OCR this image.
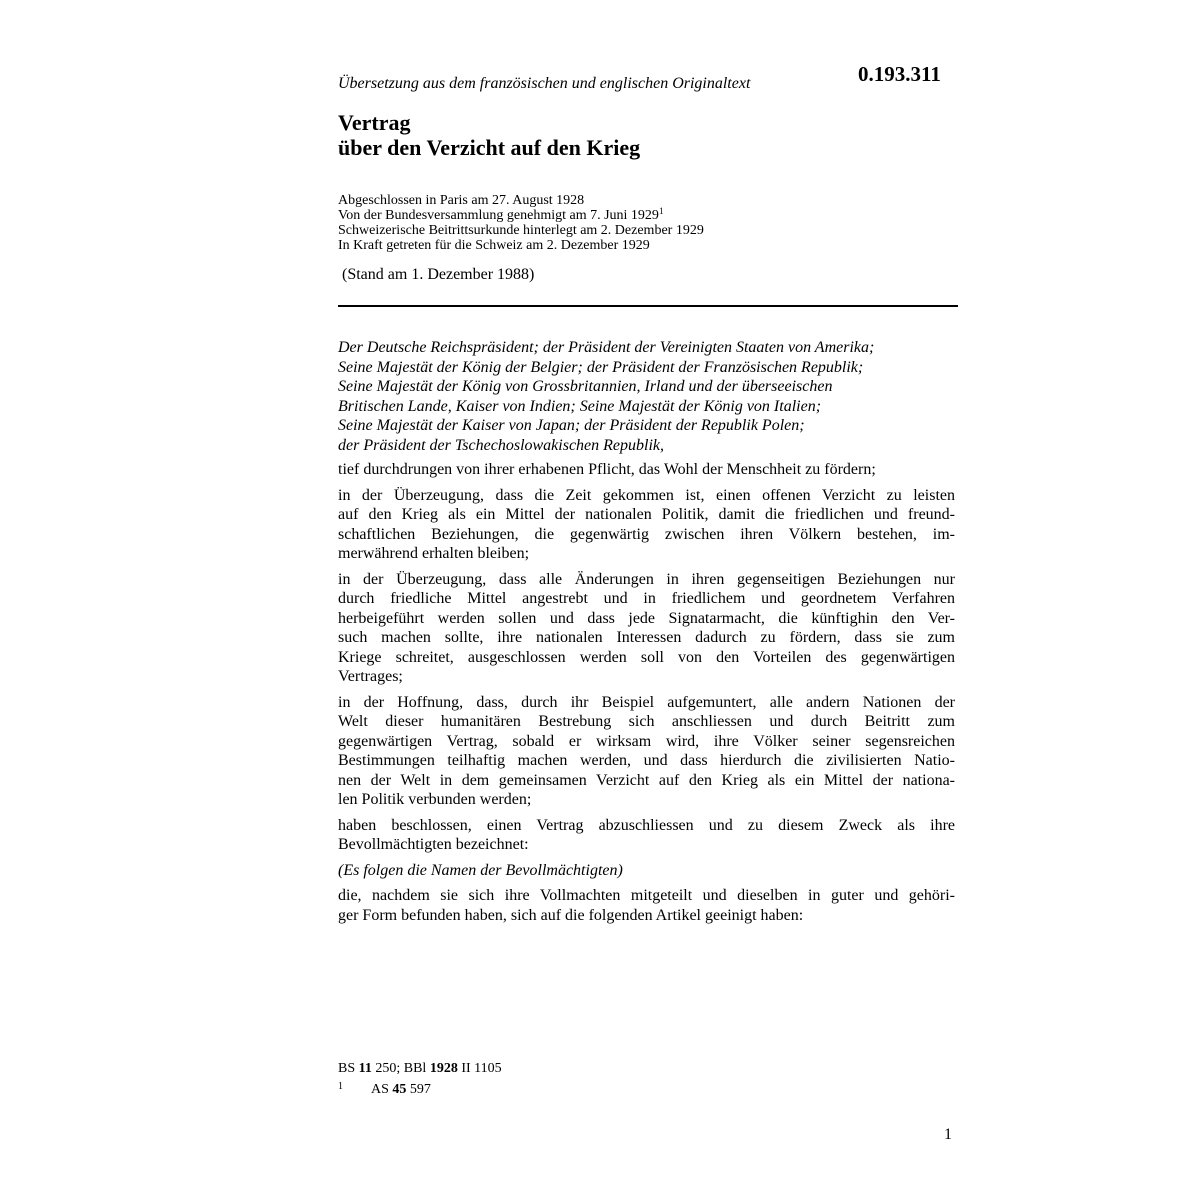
Übersetzung aus dem französischen und englischen Originaltext	0.193.311
Vertrag
über den Verzicht auf den Krieg
Abgeschlossen in Paris am 27. August 1928
Von der Bundesversammlung genehmigt am 7. Juni 1929$^1$
Schweizerische Beitrittsurkunde hinterlegt am 2. Dezember 1929
In Kraft getreten für die Schweiz am 2. Dezember 1929
(Stand am 1. Dezember 1988)
Der Deutsche Reichspräsident; der Präsident der Vereinigten Staaten von Amerika;
Seine Majestät der König der Belgier; der Präsident der Französischen Republik;
Seine Majestät der König von Grossbritannien, Irland und der überseeischen
Britischen Lande, Kaiser von Indien; Seine Majestät der König von Italien;
Seine Majestät der Kaiser von Japan; der Präsident der Republik Polen;
der Präsident der Tschechoslowakischen Republik,
tief durchdrungen von ihrer erhabenen Pflicht, das Wohl der Menschheit zu fördern;
in der Überzeugung, dass die Zeit gekommen ist, einen offenen Verzicht zu leisten
auf den Krieg als ein Mittel der nationalen Politik, damit die friedlichen und freund-
schaftlichen Beziehungen, die gegenwärtig zwischen ihren Völkern bestehen, im-
merwährend erhalten bleiben;
in der Überzeugung, dass alle Änderungen in ihren gegenseitigen Beziehungen nur
durch friedliche Mittel angestrebt und in friedlichem und geordnetem Verfahren
herbeigeführt werden sollen und dass jede Signatarmacht, die künftighin den Ver-
such machen sollte, ihre nationalen Interessen dadurch zu fördern, dass sie zum
Kriege schreitet, ausgeschlossen werden soll von den Vorteilen des gegenwärtigen
Vertrages;
in der Hoffnung, dass, durch ihr Beispiel aufgemuntert, alle andern Nationen der
Welt dieser humanitären Bestrebung sich anschliessen und durch Beitritt zum
gegenwärtigen Vertrag, sobald er wirksam wird, ihre Völker seiner segensreichen
Bestimmungen teilhaftig machen werden, und dass hierdurch die zivilisierten Natio-
nen der Welt in dem gemeinsamen Verzicht auf den Krieg als ein Mittel der nationa-
len Politik verbunden werden;
haben beschlossen, einen Vertrag abzuschliessen und zu diesem Zweck als ihre
Bevollmächtigten bezeichnet:
(Es folgen die Namen der Bevollmächtigten)
die, nachdem sie sich ihre Vollmachten mitgeteilt und dieselben in guter und gehöri-
ger Form befunden haben, sich auf die folgenden Artikel geeinigt haben:
BS 11 250; BBl 1928 II 1105
1 AS 45 597
1
